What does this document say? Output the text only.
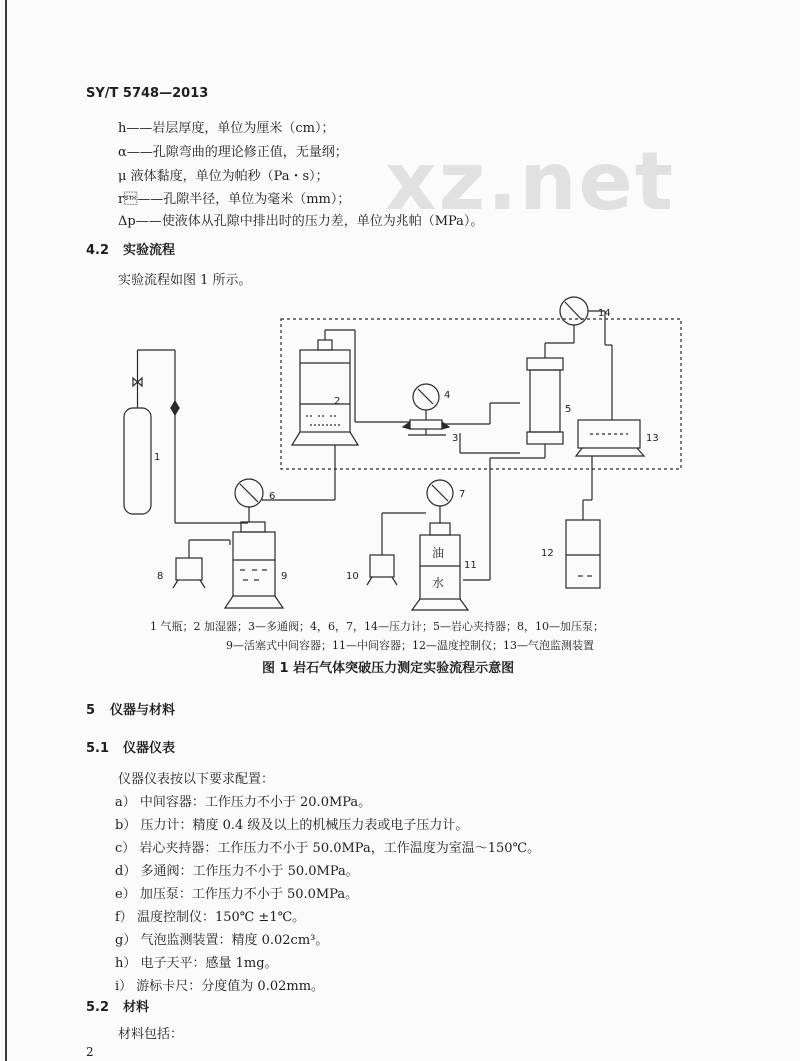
SY/T 5748—2013
xz.net
h——岩层厚度，单位为厘米（cm）；
α——孔隙弯曲的理论修正值，无量纲；
μ 液体黏度，单位为帕秒（Pa・s）；
r——孔隙半径，单位为毫米（mm）；
Δp——使液体从孔隙中排出时的压力差，单位为兆帕（MPa）。
4.2 实验流程
实验流程如图 1 所示。
1
2
3
4
5
6	7
8	9	10
11
12
13
14
油
水
1 气瓶；2 加湿器；3—多通阀；4，6，7，14—压力计；5—岩心夹持器；8，10—加压泵；
9—活塞式中间容器；11—中间容器；12—温度控制仪；13—气泡监测装置
图 1 岩石气体突破压力测定实验流程示意图
5 仪器与材料
5.1 仪器仪表
仪器仪表按以下要求配置：
a） 中间容器：工作压力不小于 20.0MPa。
b） 压力计：精度 0.4 级及以上的机械压力表或电子压力计。
c） 岩心夹持器：工作压力不小于 50.0MPa，工作温度为室温～150℃。
d） 多通阀：工作压力不小于 50.0MPa。
e） 加压泵：工作压力不小于 50.0MPa。
f） 温度控制仪：150℃ ±1℃。
g） 气泡监测装置：精度 0.02cm³。
h） 电子天平：感量 1mg。
i） 游标卡尺：分度值为 0.02mm。
5.2 材料
材料包括：
2
